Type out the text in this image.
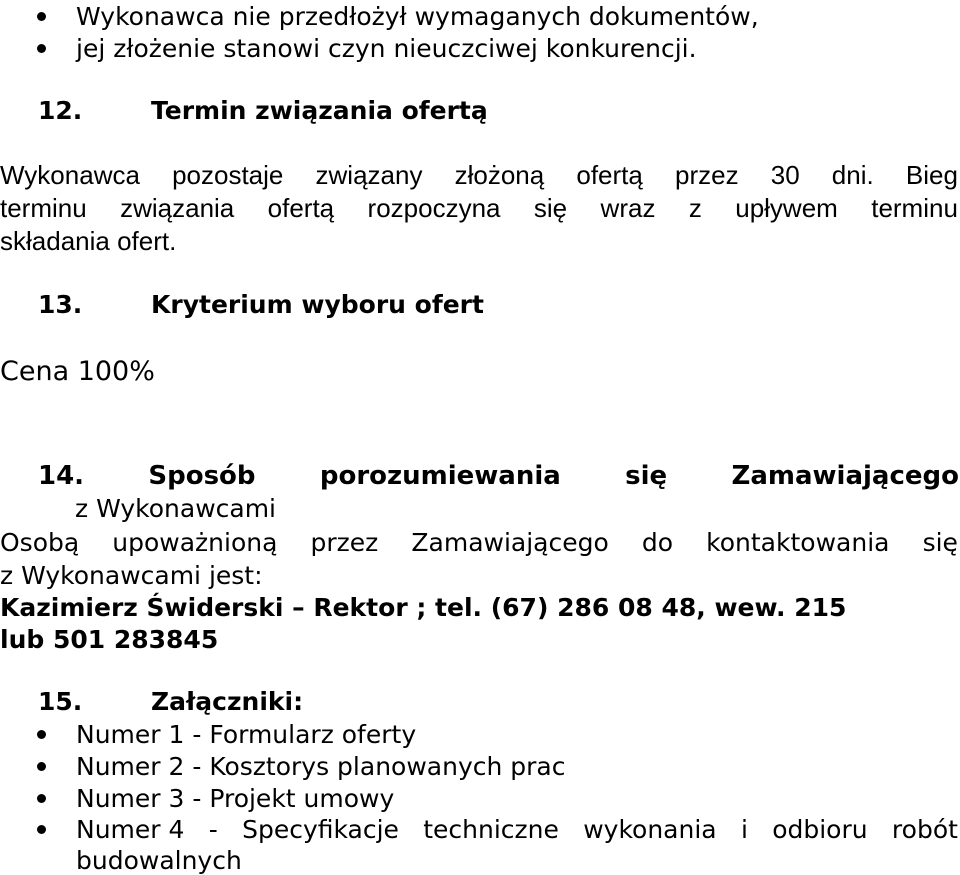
Wykonawca nie przedłożył wymaganych dokumentów,
jej złożenie stanowi czyn nieuczciwej konkurencji.
12.	Termin związania ofertą
Wykonawca pozostaje związany złożoną ofertą przez 30 dni. Bieg
terminu związania ofertą rozpoczyna się wraz z upływem terminu
składania ofert.
13.	Kryterium wyboru ofert
Cena 100%
14. Sposób porozumiewania się Zamawiającego
z Wykonawcami
Osobą upoważnioną przez Zamawiającego do kontaktowania się
z Wykonawcami jest:
Kazimierz Świderski – Rektor ; tel. (67) 286 08 48, wew. 215
lub 501 283845
15.	Załączniki:
Numer 1 - Formularz oferty
Numer 2 - Kosztorys planowanych prac
Numer 3 - Projekt umowy
Numer 4 - Specyfikacje techniczne wykonania i odbioru robót
budowalnych
